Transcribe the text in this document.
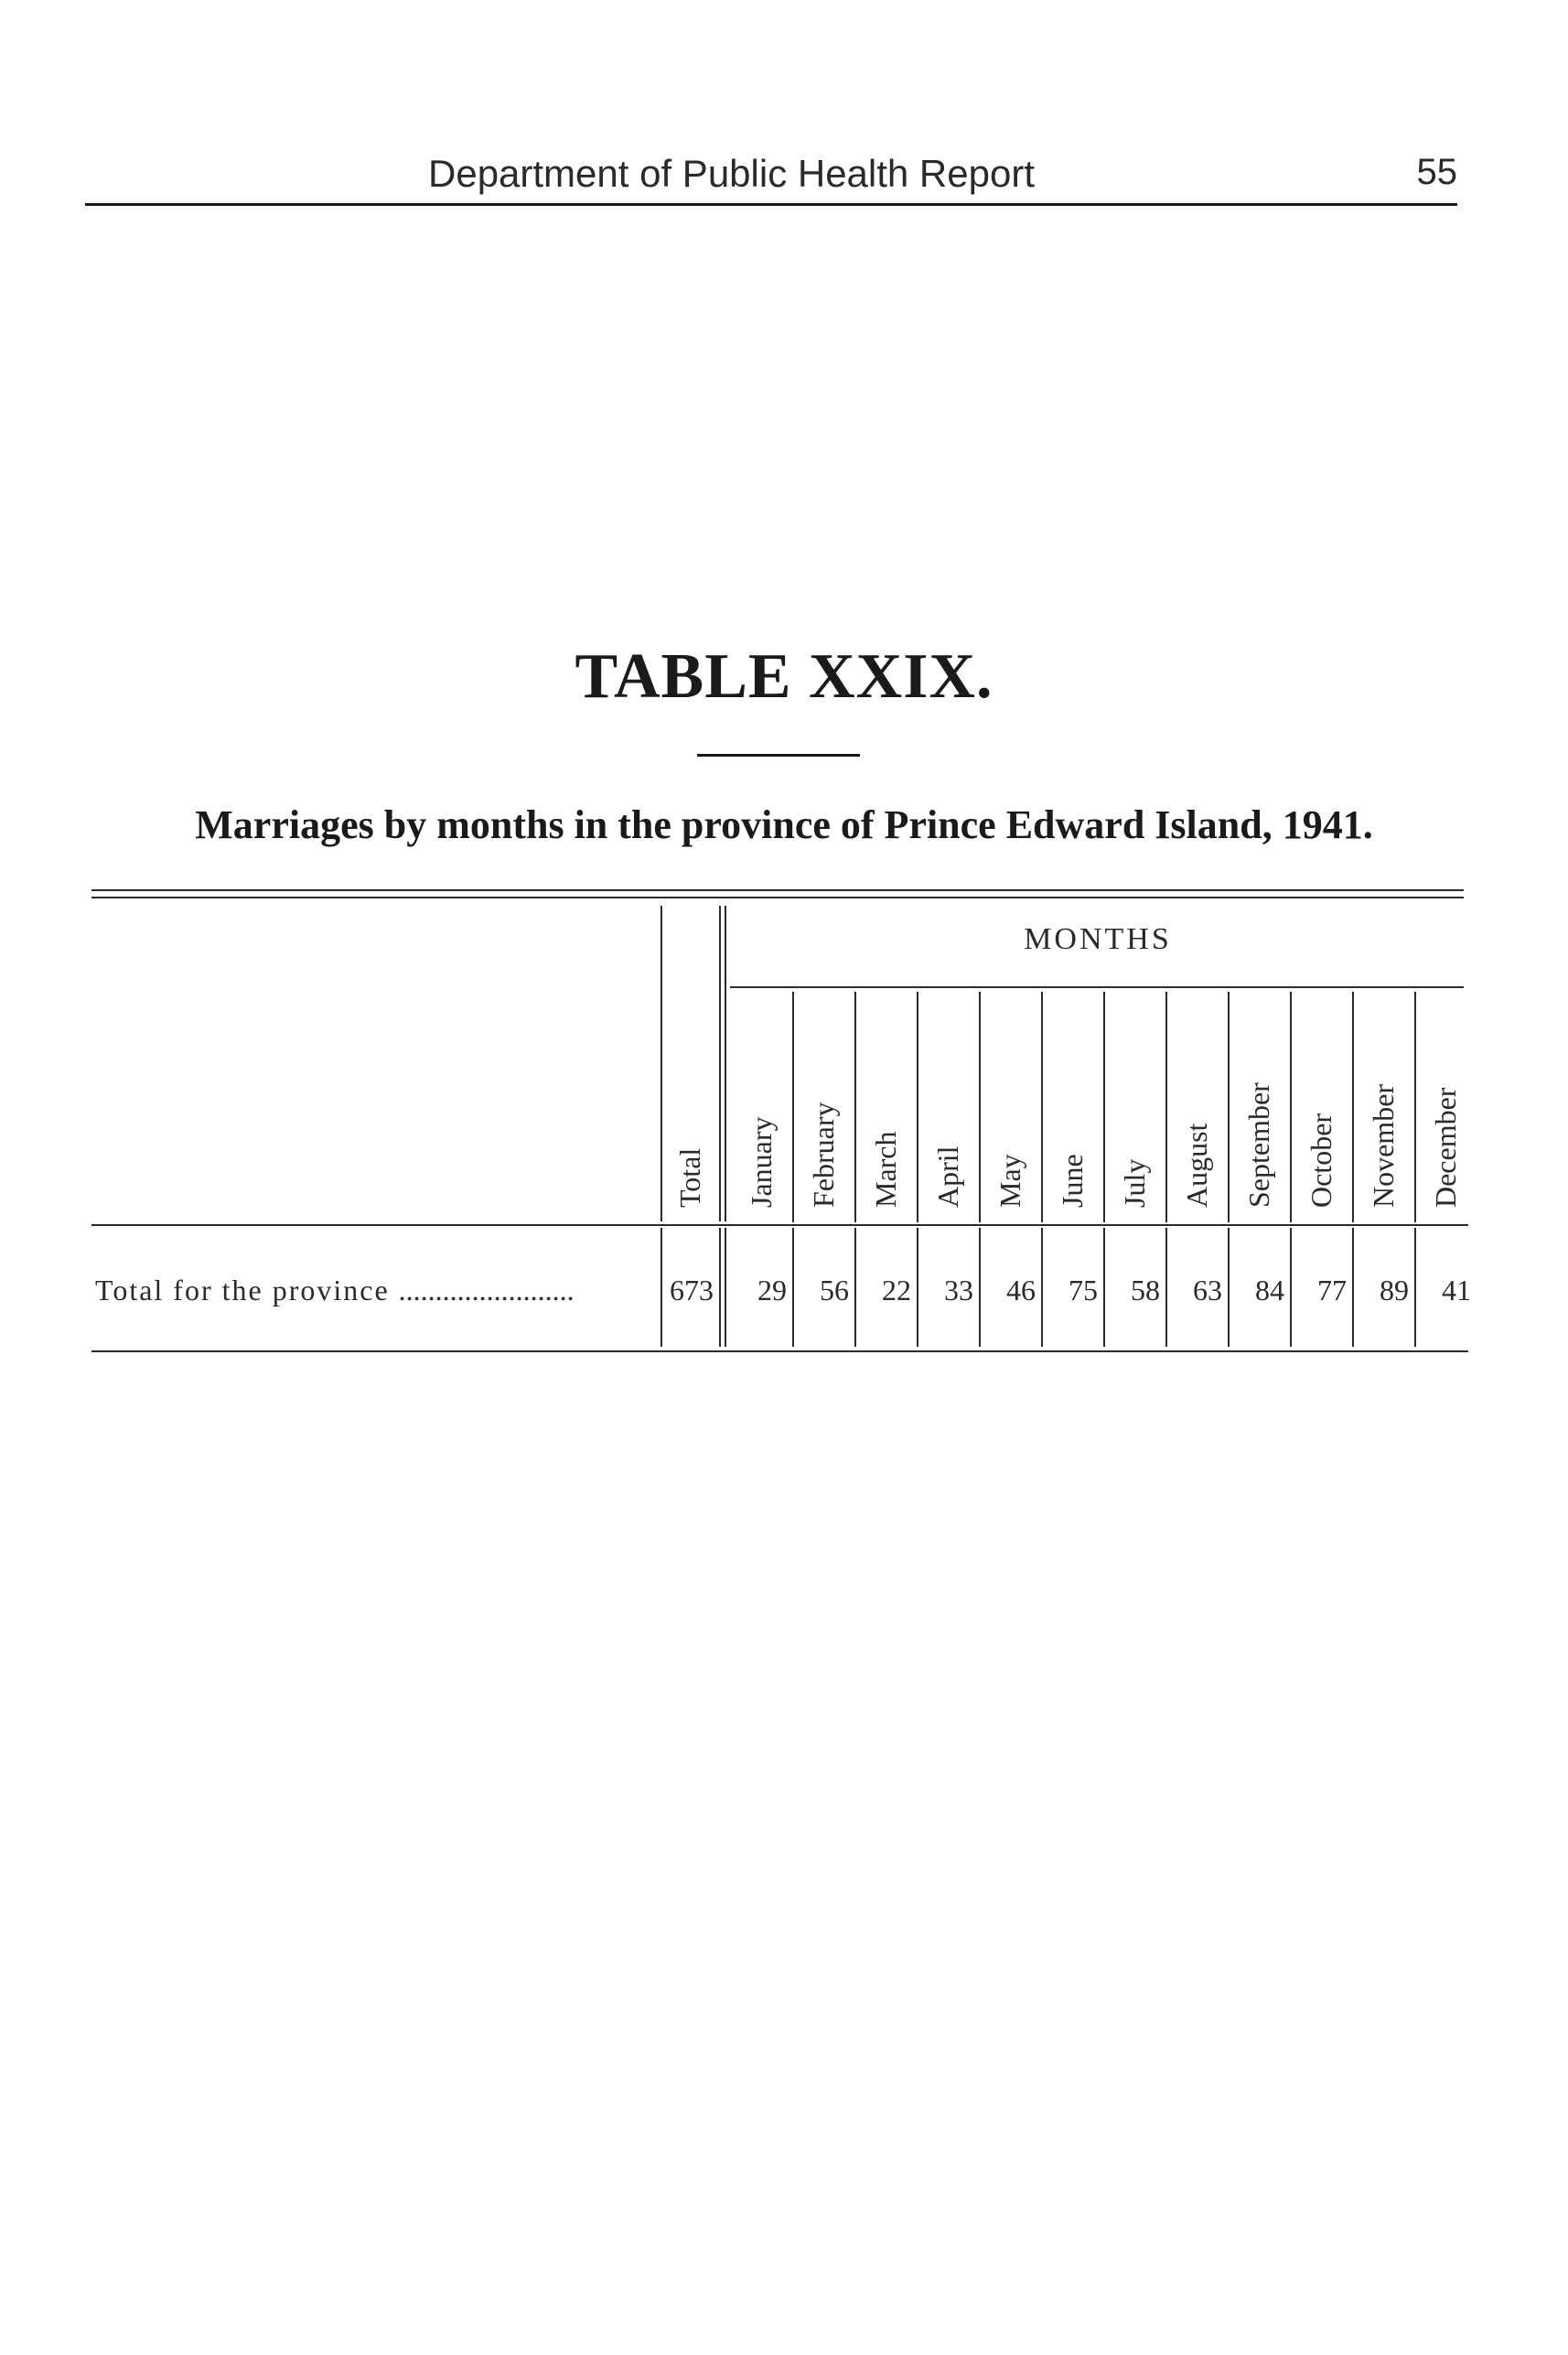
Department of Public Health Report	55
TABLE XXIX.
Marriages by months in the province of Prince Edward Island, 1941.
MONTHS
Total January February March April May June July August September October November December
Total for the province ........................	673	29	56	22	33	46	75	58	63	84	77	89	41
